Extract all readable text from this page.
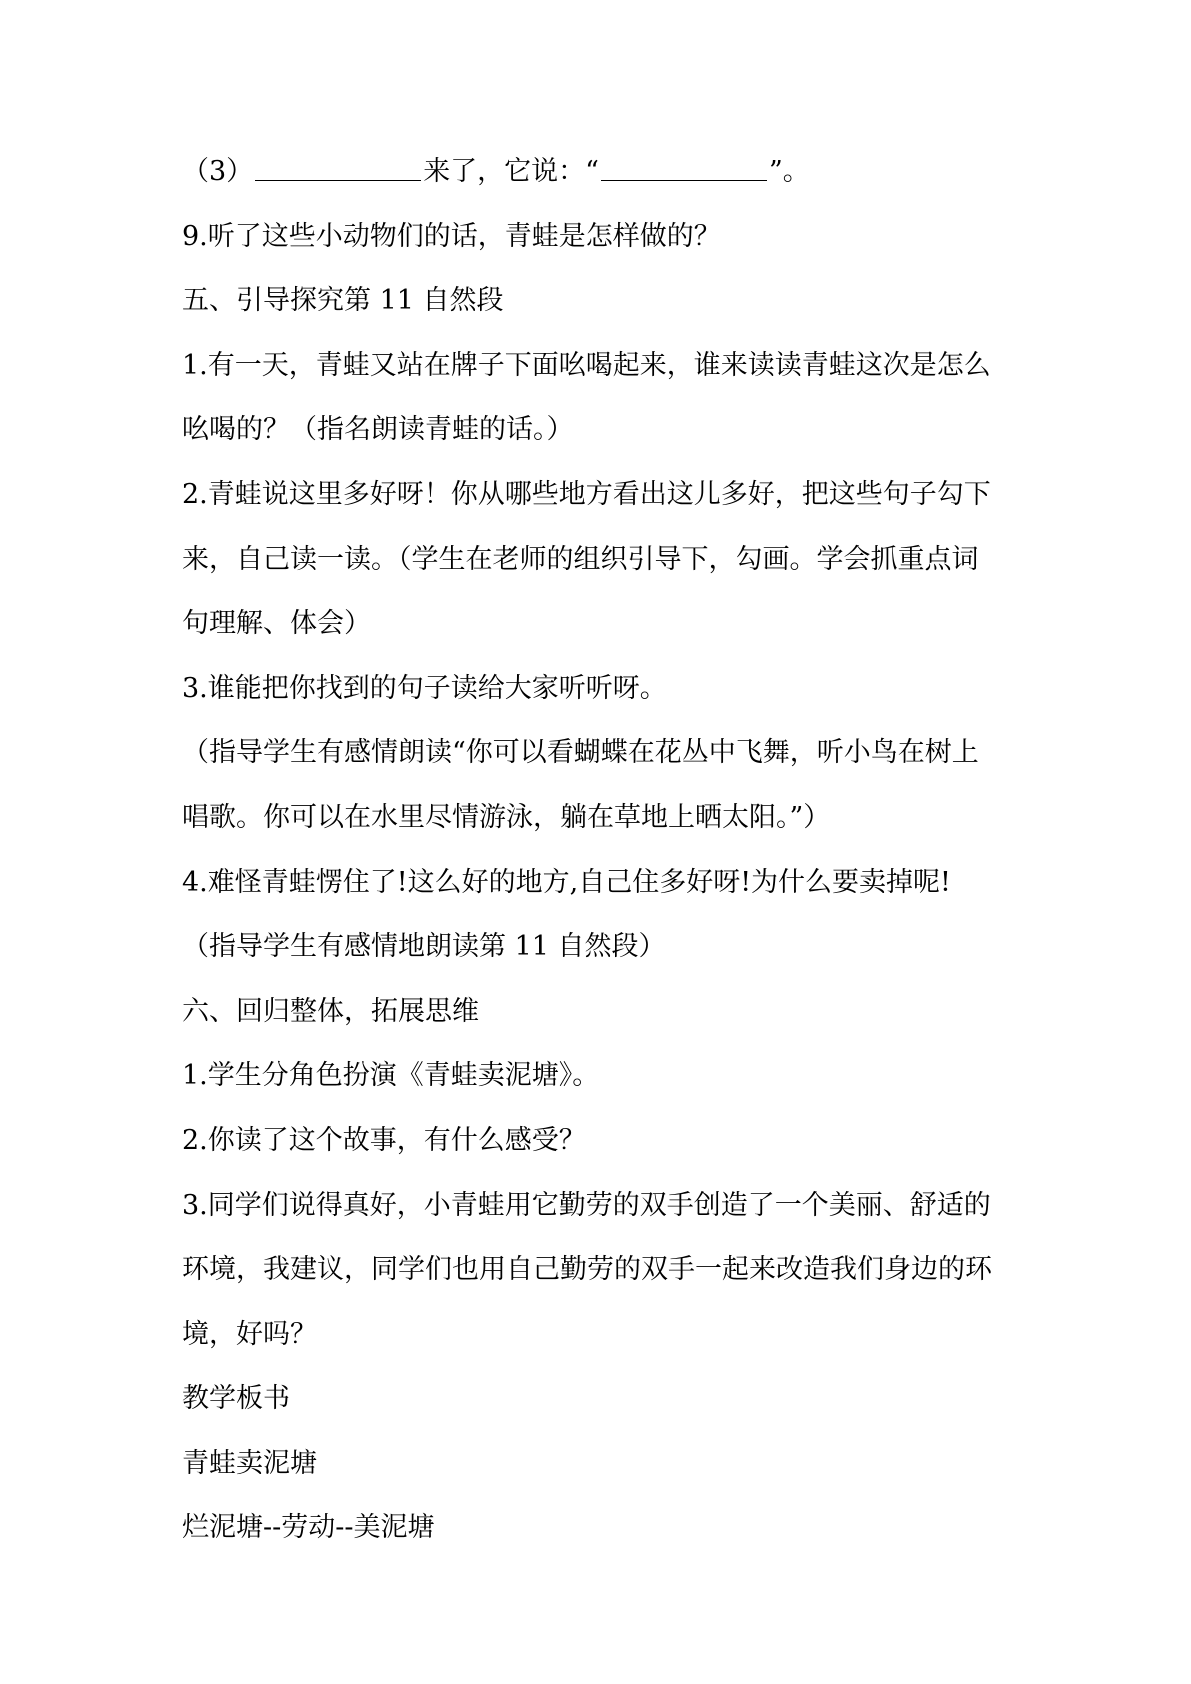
（3）	来了，它说：“	”。
9.听了这些小动物们的话，青蛙是怎样做的？
五、引导探究第 11 自然段
1.有一天，青蛙又站在牌子下面吆喝起来，谁来读读青蛙这次是怎么
吆喝的？（指名朗读青蛙的话。）
2.青蛙说这里多好呀！你从哪些地方看出这儿多好，把这些句子勾下
来，自己读一读。（学生在老师的组织引导下，勾画。学会抓重点词
句理解、体会）
3.谁能把你找到的句子读给大家听听呀。
（指导学生有感情朗读“你可以看蝴蝶在花丛中飞舞，听小鸟在树上
唱歌。你可以在水里尽情游泳，躺在草地上晒太阳。”）
4.难怪青蛙愣住了!这么好的地方,自己住多好呀!为什么要卖掉呢!
（指导学生有感情地朗读第 11 自然段）
六、回归整体，拓展思维
1.学生分角色扮演《青蛙卖泥塘》。
2.你读了这个故事，有什么感受？
3.同学们说得真好，小青蛙用它勤劳的双手创造了一个美丽、舒适的
环境，我建议，同学们也用自己勤劳的双手一起来改造我们身边的环
境，好吗？
教学板书
青蛙卖泥塘
烂泥塘--劳动--美泥塘
